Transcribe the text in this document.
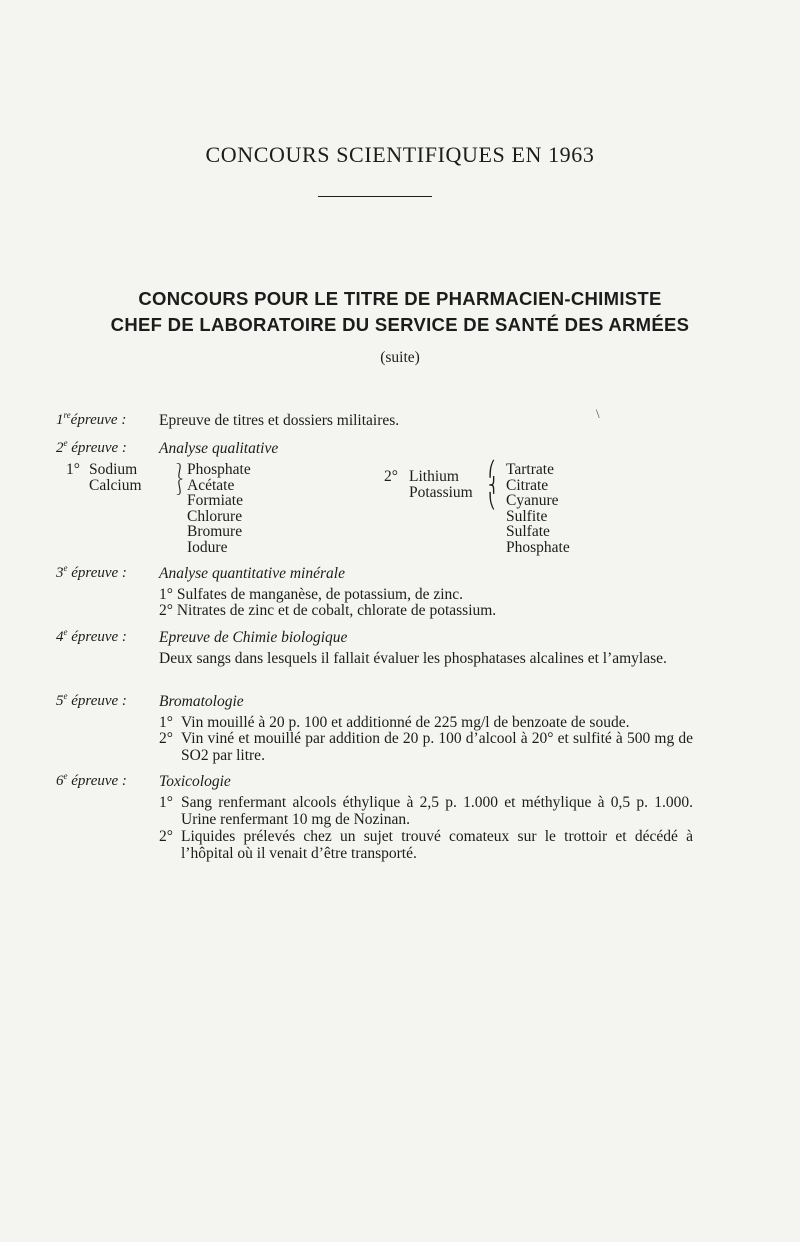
CONCOURS SCIENTIFIQUES EN 1963
CONCOURS POUR LE TITRE DE PHARMACIEN-CHIMISTE
CHEF DE LABORATOIRE DU SERVICE DE SANTÉ DES ARMÉES
(suite)
1reépreuve :	Epreuve de titres et dossiers militaires.	\
2e épreuve :	Analyse qualitative
1° Sodium
Calcium
⎱
⎰
Phosphate
Acétate
Formiate
Chlorure
Bromure
Iodure
2° Lithium
Potassium
⎛
⎨
⎝
Tartrate
Citrate
Cyanure
Sulfite
Sulfate
Phosphate
3e épreuve :	Analyse quantitative minérale
1° Sulfates de manganèse, de potassium, de zinc.
2° Nitrates de zinc et de cobalt, chlorate de potassium.
4e épreuve :	Epreuve de Chimie biologique
Deux sangs dans lesquels il fallait évaluer les phosphatases alcalines et l’amylase.
5e épreuve :	Bromatologie
1° Vin mouillé à 20 p. 100 et additionné de 225 mg/l de benzoate de soude.
2° Vin viné et mouillé par addition de 20 p. 100 d’alcool à 20° et sulfité à 500 mg de SO2 par litre.
6e épreuve :	Toxicologie
1° Sang renfermant alcools éthylique à 2,5 p. 1.000 et méthylique à 0,5 p. 1.000. Urine renfermant 10 mg de Nozinan.
2° Liquides prélevés chez un sujet trouvé comateux sur le trottoir et décédé à l’hôpital où il venait d’être transporté.
